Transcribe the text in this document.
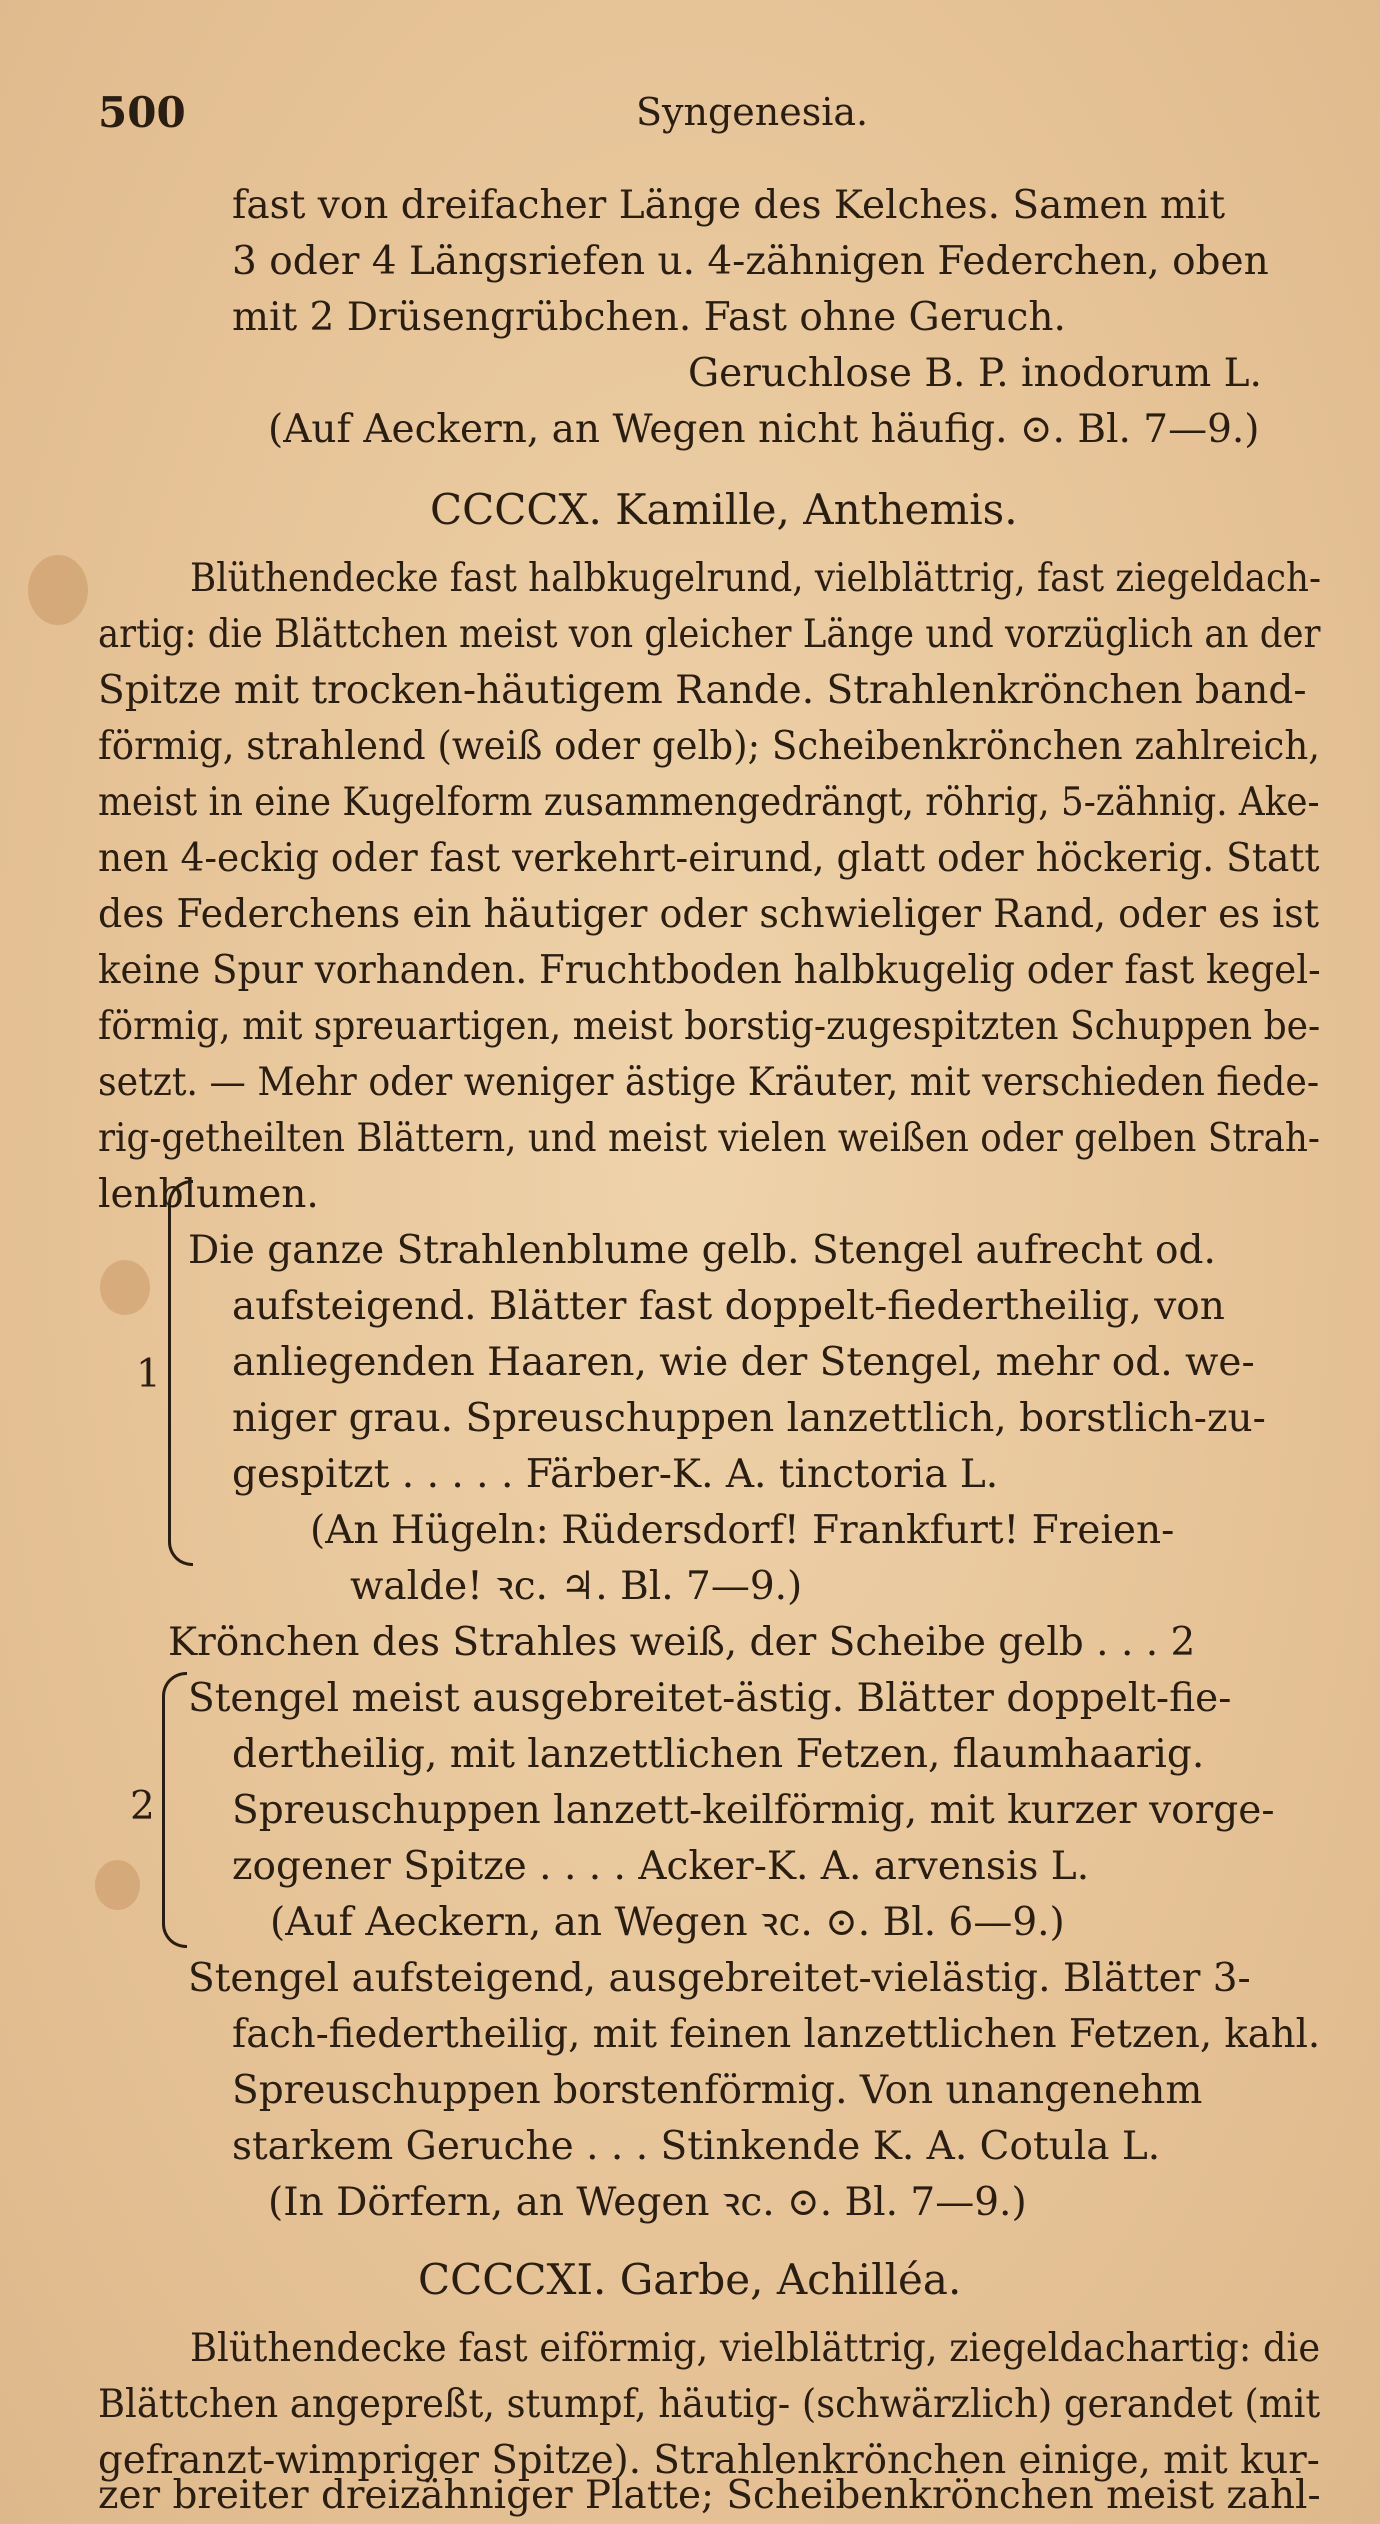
500	Syngenesia.
fast von dreifacher Länge des Kelches. Samen mit
3 oder 4 Längsriefen u. 4-zähnigen Federchen, oben
mit 2 Drüsengrübchen. Fast ohne Geruch.
Geruchlose B. P. inodorum L.
(Auf Aeckern, an Wegen nicht häufig. ⊙. Bl. 7—9.)
CCCCX. Kamille, Anthemis.
Blüthendecke fast halbkugelrund, vielblättrig, fast ziegeldach-
artig: die Blättchen meist von gleicher Länge und vorzüglich an der
Spitze mit trocken-häutigem Rande. Strahlenkrönchen band-
förmig, strahlend (weiß oder gelb); Scheibenkrönchen zahlreich,
meist in eine Kugelform zusammengedrängt, röhrig, 5-zähnig. Ake-
nen 4-eckig oder fast verkehrt-eirund, glatt oder höckerig. Statt
des Federchens ein häutiger oder schwieliger Rand, oder es ist
keine Spur vorhanden. Fruchtboden halbkugelig oder fast kegel-
förmig, mit spreuartigen, meist borstig-zugespitzten Schuppen be-
setzt. — Mehr oder weniger ästige Kräuter, mit verschieden fiede-
rig-getheilten Blättern, und meist vielen weißen oder gelben Strah-
lenblumen.
1
Die ganze Strahlenblume gelb. Stengel aufrecht od.
aufsteigend. Blätter fast doppelt-fiedertheilig, von
anliegenden Haaren, wie der Stengel, mehr od. we-
niger grau. Spreuschuppen lanzettlich, borstlich-zu-
gespitzt . . . . . Färber-K. A. tinctoria L.
(An Hügeln: Rüdersdorf! Frankfurt! Freien-
walde! ꝛc. ♃. Bl. 7—9.)
Krönchen des Strahles weiß, der Scheibe gelb . . . 2
2
Stengel meist ausgebreitet-ästig. Blätter doppelt-fie-
dertheilig, mit lanzettlichen Fetzen, flaumhaarig.
Spreuschuppen lanzett-keilförmig, mit kurzer vorge-
zogener Spitze . . . . Acker-K. A. arvensis L.
(Auf Aeckern, an Wegen ꝛc. ⊙. Bl. 6—9.)
Stengel aufsteigend, ausgebreitet-vielästig. Blätter 3-
fach-fiedertheilig, mit feinen lanzettlichen Fetzen, kahl.
Spreuschuppen borstenförmig. Von unangenehm
starkem Geruche . . . Stinkende K. A. Cotula L.
(In Dörfern, an Wegen ꝛc. ⊙. Bl. 7—9.)
CCCCXI. Garbe, Achilléa.
Blüthendecke fast eiförmig, vielblättrig, ziegeldachartig: die
Blättchen angepreßt, stumpf, häutig- (schwärzlich) gerandet (mit
gefranzt-wimpriger Spitze). Strahlenkrönchen einige, mit kur-
zer breiter dreizähniger Platte; Scheibenkrönchen meist zahl-
